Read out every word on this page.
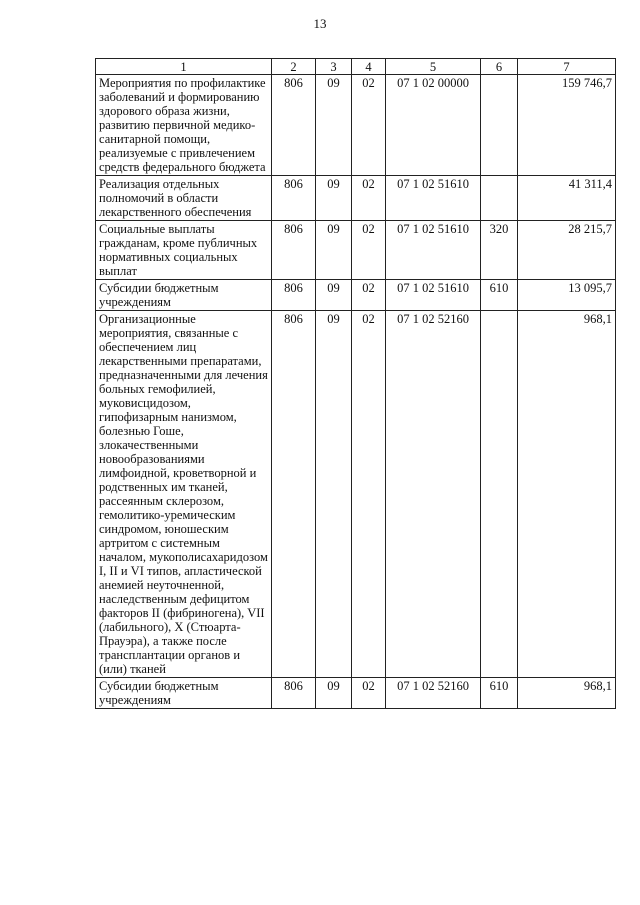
13
1	2	3	4	5	6	7
Мероприятия по профилактике заболеваний и формированию здорового образа жизни, развитию первичной медико-санитарной помощи, реализуемые с привлечением средств федерального бюджета	806	09	02	07 1 02 00000		159 746,7
Реализация отдельных полномочий в области лекарственного обеспечения	806	09	02	07 1 02 51610		41 311,4
Социальные выплаты гражданам, кроме публичных нормативных социальных выплат	806	09	02	07 1 02 51610	320	28 215,7
Субсидии бюджетным учреждениям	806	09	02	07 1 02 51610	610	13 095,7
Организационные мероприятия, связанные с обеспечением лиц лекарственными препаратами, предназначенными для лечения больных гемофилией, муковисцидозом, гипофизарным нанизмом, болезнью Гоше, злокачественными новообразованиями лимфоидной, кроветворной и родственных им тканей, рассеянным склерозом, гемолитико-уремическим синдромом, юношеским артритом с системным началом, мукополисахаридозом I, II и VI типов, апластической анемией неуточненной, наследственным дефицитом факторов II (фибриногена), VII (лабильного), X (Стюарта-Прауэра), а также после трансплантации органов и (или) тканей	806	09	02	07 1 02 52160		968,1
Субсидии бюджетным учреждениям	806	09	02	07 1 02 52160	610	968,1
